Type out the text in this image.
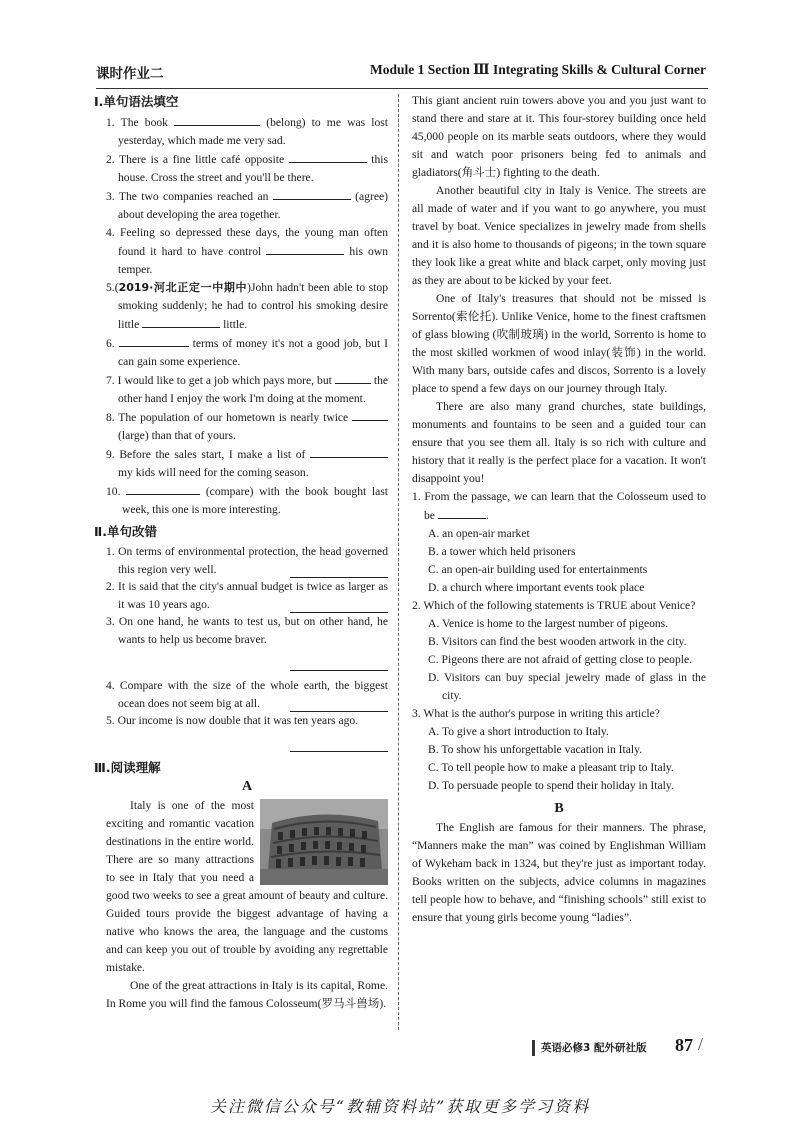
课时作业二	Module 1 Section Ⅲ Integrating Skills & Cultural Corner
Ⅰ.单句语法填空

1. The book	(belong) to me was lost yesterday, which made me very sad.

2. There is a fine little café opposite	this house. Cross the street and you'll be there.

3. The two companies reached an	(agree) about developing the area together.

4. Feeling so depressed these days, the young man often found it hard to have control	his own temper.

5.(2019·河北正定一中期中)John hadn't been able to stop smoking suddenly; he had to control his smoking desire little	little.

6.	terms of money it's not a good job, but I can gain some experience.

7. I would like to get a job which pays more, but	the other hand I enjoy the work I'm doing at the moment.

8. The population of our hometown is nearly twice  (large) than that of yours.

9. Before the sales start, I make a list of  my kids will need for the coming season.

10.	(compare) with the book bought last week, this one is more interesting.

Ⅱ.单句改错

1. On terms of environmental protection, the head governed this region very well.

2. It is said that the city's annual budget is twice as larger as it was 10 years ago.

3. On one hand, he wants to test us, but on other hand, he wants to help us become braver.

4. Compare with the size of the whole earth, the biggest ocean does not seem big at all.

5. Our income is now double that it was ten years ago.

Ⅲ.阅读理解
A

Italy is one of the most exciting and romantic vacation destinations in the entire world. There are so many attractions to see in Italy that you need a good two weeks to see a great amount of beauty and culture. Guided tours provide the biggest advantage of having a native who knows the area, the language and the customs and can keep you out of trouble by avoiding any regrettable mistake.

One of the great attractions in Italy is its capital, Rome. In Rome you will find the famous Colosseum(罗马斗兽场).

This giant ancient ruin towers above you and you just want to stand there and stare at it. This four-storey building once held 45,000 people on its marble seats outdoors, where they would sit and watch poor prisoners being fed to animals and gladiators(角斗士) fighting to the death.

Another beautiful city in Italy is Venice. The streets are all made of water and if you want to go anywhere, you must travel by boat. Venice specializes in jewelry made from shells and it is also home to thousands of pigeons; in the town square they look like a great white and black carpet, only moving just as they are about to be kicked by your feet.

One of Italy's treasures that should not be missed is Sorrento(索伦托). Unlike Venice, home to the finest craftsmen of glass blowing (吹制玻璃) in the world, Sorrento is home to the most skilled workmen of wood inlay(装饰) in the world. With many bars, outside cafes and discos, Sorrento is a lovely place to spend a few days on our journey through Italy.

There are also many grand churches, state buildings, monuments and fountains to be seen and a guided tour can ensure that you see them all. Italy is so rich with culture and history that it really is the perfect place for a vacation. It won't disappoint you!

1. From the passage, we can learn that the Colosseum used to be	.

A. an open-air market

B. a tower which held prisoners

C. an open-air building used for entertainments

D. a church where important events took place

2. Which of the following statements is TRUE about Venice?

A. Venice is home to the largest number of pigeons.

B. Visitors can find the best wooden artwork in the city.

C. Pigeons there are not afraid of getting close to people.

D. Visitors can buy special jewelry made of glass in the city.

3. What is the author's purpose in writing this article?

A. To give a short introduction to Italy.

B. To show his unforgettable vacation in Italy.

C. To tell people how to make a pleasant trip to Italy.

D. To persuade people to spend their holiday in Italy.

B

The English are famous for their manners. The phrase, “Manners make the man” was coined by Englishman William of Wykeham back in 1324, but they're just as important today. Books written on the subjects, advice columns in magazines tell people how to behave, and “finishing schools” still exist to ensure that young girls become young “ladies”.

英语必修3 配外研社版 87 /
关注微信公众号“教辅资料站”获取更多学习资料
